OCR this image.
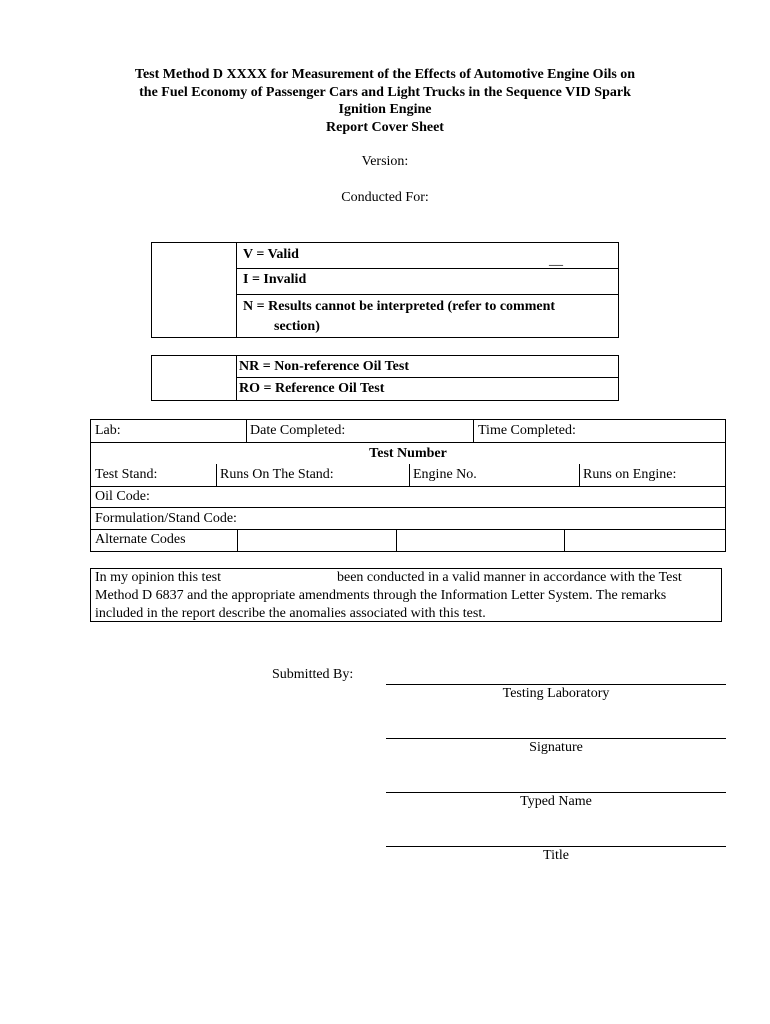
Test Method D XXXX for Measurement of the Effects of Automotive Engine Oils on
the Fuel Economy of Passenger Cars and Light Trucks in the Sequence VID Spark
Ignition Engine
Report Cover Sheet
Version:
Conducted For:
V = Valid	__
I = Invalid
N = Results cannot be interpreted (refer to comment
section)
NR = Non-reference Oil Test
RO = Reference Oil Test
Lab:	Date Completed:	Time Completed:
Test Number
Test Stand:	Runs On The Stand:	Engine No.	Runs on Engine:
Oil Code:
Formulation/Stand Code:
Alternate Codes
In my opinion this test	been conducted in a valid manner in accordance with the Test
Method D 6837 and the appropriate amendments through the Information Letter System. The remarks
included in the report describe the anomalies associated with this test.
Submitted By:
Testing Laboratory
Signature
Typed Name
Title
